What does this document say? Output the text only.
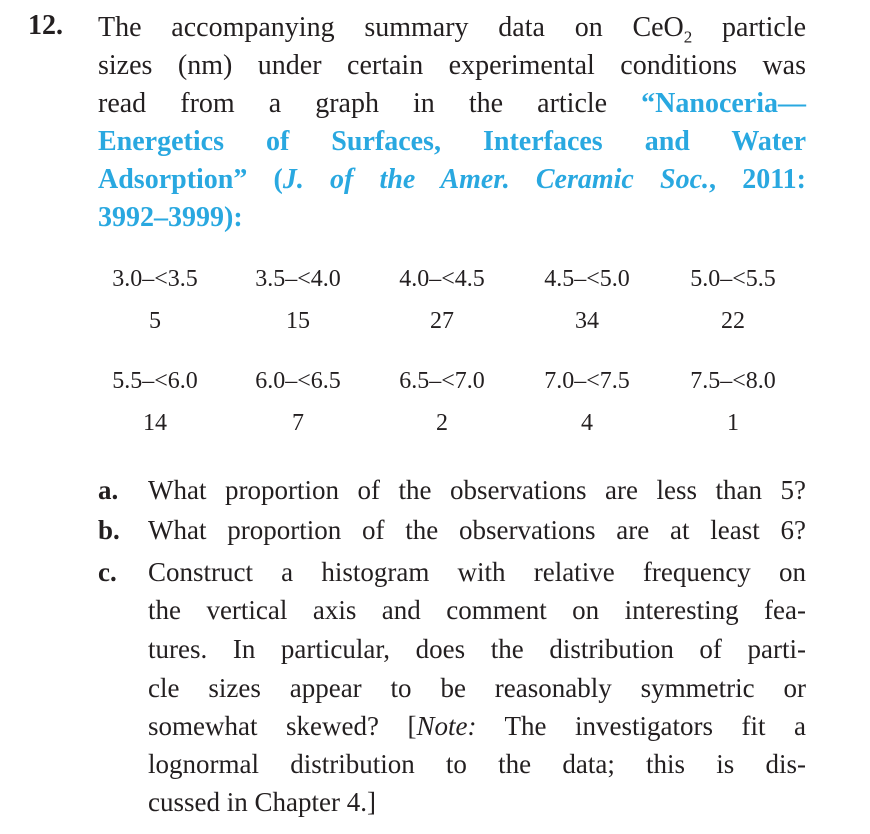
12. The accompanying summary data on CeO$_2$ particle
sizes (nm) under certain experimental conditions was
read from a graph in the article “Nanoceria—
Energetics of Surfaces, Interfaces and Water
Adsorption” (J. of the Amer. Ceramic Soc., 2011:
3992–3999):
3.0–<3.5	3.5–<4.0	4.0–<4.5	4.5–<5.0	5.0–<5.5
5	15	27	34	22
5.5–<6.0	6.0–<6.5	6.5–<7.0	7.0–<7.5	7.5–<8.0
14	7	2	4	1
a. What proportion of the observations are less than 5?
b. What proportion of the observations are at least 6?
c. Construct a histogram with relative frequency on
the vertical axis and comment on interesting fea-
tures. In particular, does the distribution of parti-
cle sizes appear to be reasonably symmetric or
somewhat skewed? [Note: The investigators fit a
lognormal distribution to the data; this is dis-
cussed in Chapter 4.]
